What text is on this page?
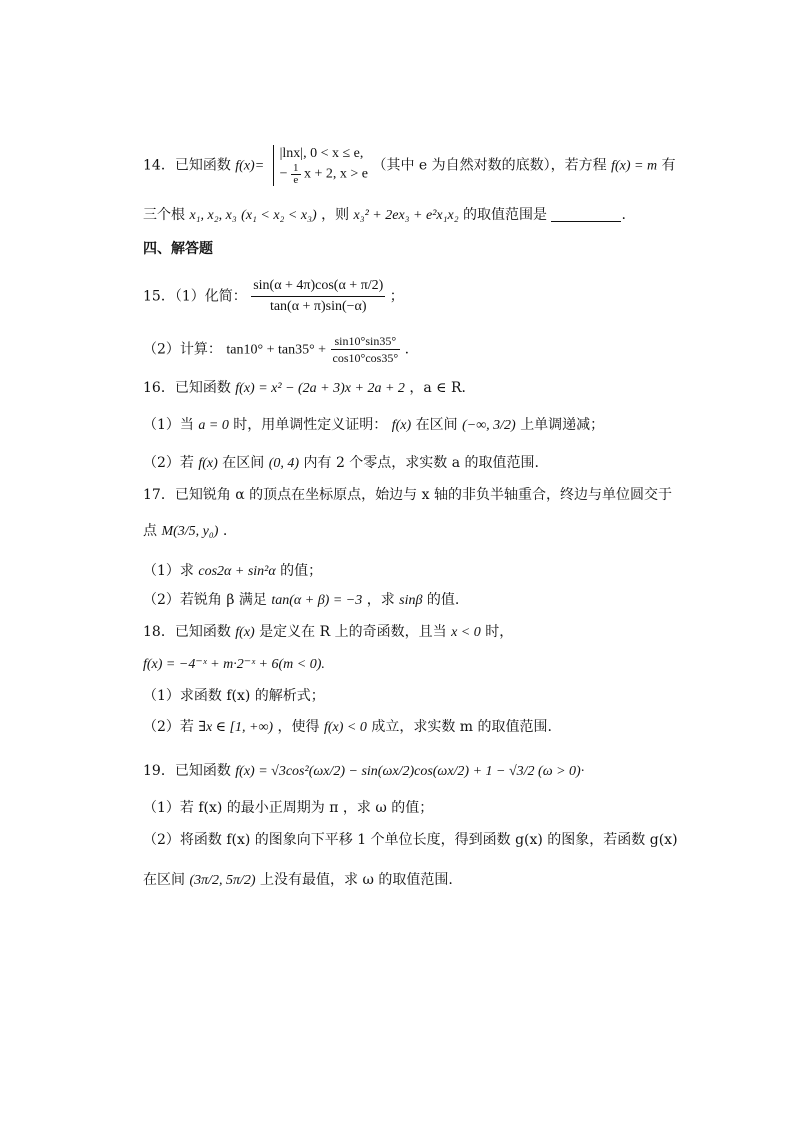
14．已知函数 f(x)=
|lnx|, 0 < x ≤ e,
− $\frac{1}{e}$ x + 2, x > e
（其中 e 为自然对数的底数），若方程 f(x) = m 有
三个根 x₁, x₂, x₃ (x₁ < x₂ < x₃) ，则 x₃² + 2ex₃ + e²x₁x₂ 的取值范围是	.
四、解答题
15．（1）化简： $\frac{\sin(\alpha + 4\pi)\cos(\alpha + \pi/2)}{\tan(\alpha + \pi)\sin(-\alpha)}$ ；
（2）计算： $\tan 10^\circ + \tan 35^\circ + \frac{\sin 10^\circ\sin 35^\circ}{\cos 10^\circ\cos 35^\circ}$ .
16．已知函数 f(x) = x² − (2a + 3)x + 2a + 2 ，a ∈ R．
（1）当 a = 0 时，用单调性定义证明： f(x) 在区间 (−∞, 3/2) 上单调递减；
（2）若 f(x) 在区间 (0, 4) 内有 2 个零点，求实数 a 的取值范围.
17．已知锐角 α 的顶点在坐标原点，始边与 x 轴的非负半轴重合，终边与单位圆交于
点 M(3/5, y₀) .
（1）求 cos2α + sin²α 的值；
（2）若锐角 β 满足 tan(α + β) = −3 ，求 sinβ 的值.
18．已知函数 f(x) 是定义在 R 上的奇函数，且当 x < 0 时，
f(x) = −4⁻ˣ + m·2⁻ˣ + 6(m < 0).
（1）求函数 f(x) 的解析式；
（2）若 ∃x ∈ [1, +∞) ，使得 f(x) < 0 成立，求实数 m 的取值范围.
19．已知函数 f(x) = √3cos²(ωx/2) − sin(ωx/2)cos(ωx/2) + 1 − √3/2 (ω > 0)·
（1）若 f(x) 的最小正周期为 π ，求 ω 的值；
（2）将函数 f(x) 的图象向下平移 1 个单位长度，得到函数 g(x) 的图象，若函数 g(x)
在区间 (3π/2, 5π/2) 上没有最值，求 ω 的取值范围.
